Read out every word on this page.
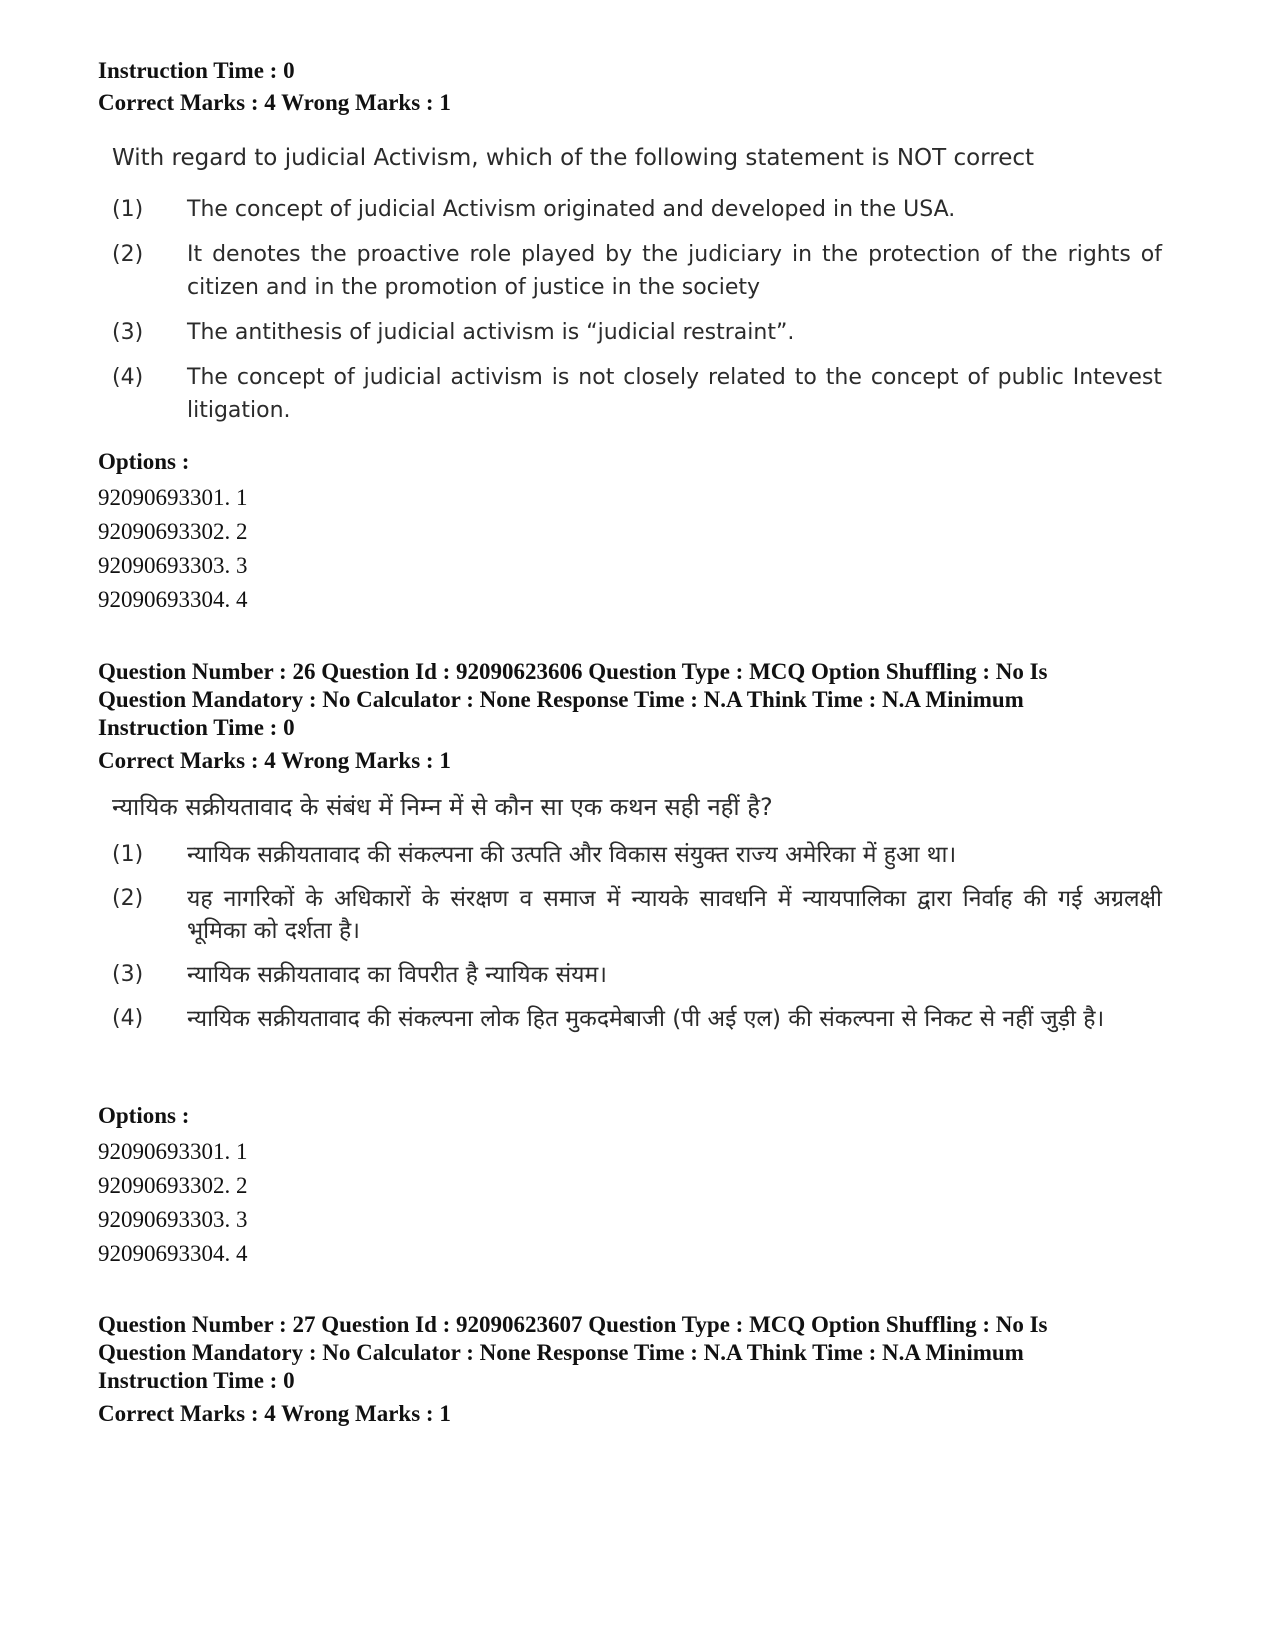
Instruction Time : 0
Correct Marks : 4 Wrong Marks : 1
With regard to judicial Activism, which of the following statement is NOT correct
(1)	The concept of judicial Activism originated and developed in the USA.
(2)	It denotes the proactive role played by the judiciary in the protection of the rights of citizen and in the promotion of justice in the society
(3)	The antithesis of judicial activism is “judicial restraint”.
(4)	The concept of judicial activism is not closely related to the concept of public Intevest litigation.
Options :
92090693301. 1
92090693302. 2
92090693303. 3
92090693304. 4
Question Number : 26 Question Id : 92090623606 Question Type : MCQ Option Shuffling : No Is
Question Mandatory : No Calculator : None Response Time : N.A Think Time : N.A Minimum
Instruction Time : 0
Correct Marks : 4 Wrong Marks : 1
न्यायिक सक्रीयतावाद के संबंध में निम्न में से कौन सा एक कथन सही नहीं है?
(1)	न्यायिक सक्रीयतावाद की संकल्पना की उत्पति और विकास संयुक्त राज्य अमेरिका में हुआ था।
(2)	यह नागरिकों के अधिकारों के संरक्षण व समाज में न्यायके सावधनि में न्यायपालिका द्वारा निर्वाह की गई अग्रलक्षी भूमिका को दर्शता है।
(3)	न्यायिक सक्रीयतावाद का विपरीत है न्यायिक संयम।
(4)	न्यायिक सक्रीयतावाद की संकल्पना लोक हित मुकदमेबाजी (पी अई एल) की संकल्पना से निकट से नहीं जुड़ी है।
Options :
92090693301. 1
92090693302. 2
92090693303. 3
92090693304. 4
Question Number : 27 Question Id : 92090623607 Question Type : MCQ Option Shuffling : No Is
Question Mandatory : No Calculator : None Response Time : N.A Think Time : N.A Minimum
Instruction Time : 0
Correct Marks : 4 Wrong Marks : 1
